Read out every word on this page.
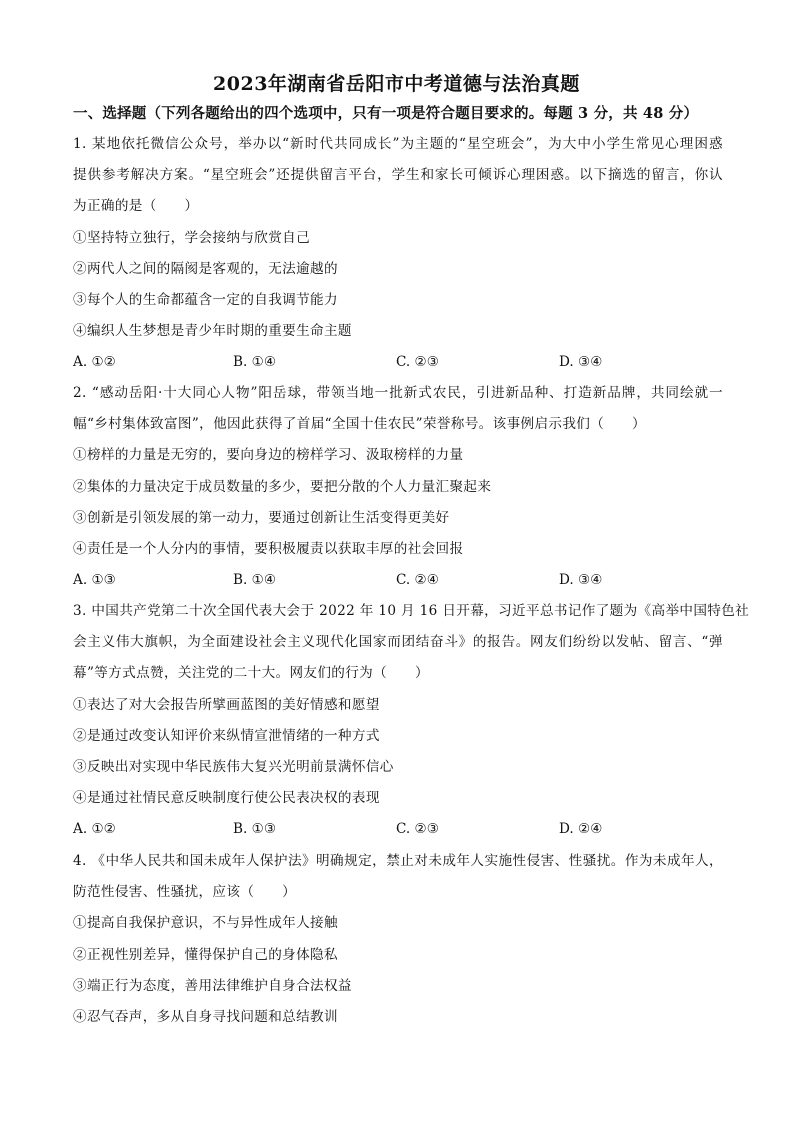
2023年湖南省岳阳市中考道德与法治真题
一、选择题（下列各题给出的四个选项中，只有一项是符合题目要求的。每题 3 分，共 48 分）
1. 某地依托微信公众号，举办以“新时代共同成长”为主题的“星空班会”，为大中小学生常见心理困惑
提供参考解决方案。“星空班会”还提供留言平台，学生和家长可倾诉心理困惑。以下摘选的留言，你认
为正确的是（　　）
①坚持特立独行，学会接纳与欣赏自己
②两代人之间的隔阂是客观的，无法逾越的
③每个人的生命都蕴含一定的自我调节能力
④编织人生梦想是青少年时期的重要生命主题
A. ①②	B. ①④	C. ②③	D. ③④
2. “感动岳阳·十大同心人物”阳岳球，带领当地一批新式农民，引进新品种、打造新品牌，共同绘就一
幅“乡村集体致富图”，他因此获得了首届“全国十佳农民”荣誉称号。该事例启示我们（　　）
①榜样的力量是无穷的，要向身边的榜样学习、汲取榜样的力量
②集体的力量决定于成员数量的多少，要把分散的个人力量汇聚起来
③创新是引领发展的第一动力，要通过创新让生活变得更美好
④责任是一个人分内的事情，要积极履责以获取丰厚的社会回报
A. ①③	B. ①④	C. ②④	D. ③④
3. 中国共产党第二十次全国代表大会于 2022 年 10 月 16 日开幕，习近平总书记作了题为《高举中国特色社
会主义伟大旗帜，为全面建设社会主义现代化国家而团结奋斗》的报告。网友们纷纷以发帖、留言、“弹
幕”等方式点赞，关注党的二十大。网友们的行为（　　）
①表达了对大会报告所擘画蓝图的美好情感和愿望
②是通过改变认知评价来纵情宣泄情绪的一种方式
③反映出对实现中华民族伟大复兴光明前景满怀信心
④是通过社情民意反映制度行使公民表决权的表现
A. ①②	B. ①③	C. ②③	D. ②④
4. 《中华人民共和国未成年人保护法》明确规定，禁止对未成年人实施性侵害、性骚扰。作为未成年人，
防范性侵害、性骚扰，应该（　　）
①提高自我保护意识，不与异性成年人接触
②正视性别差异，懂得保护自己的身体隐私
③端正行为态度，善用法律维护自身合法权益
④忍气吞声，多从自身寻找问题和总结教训
